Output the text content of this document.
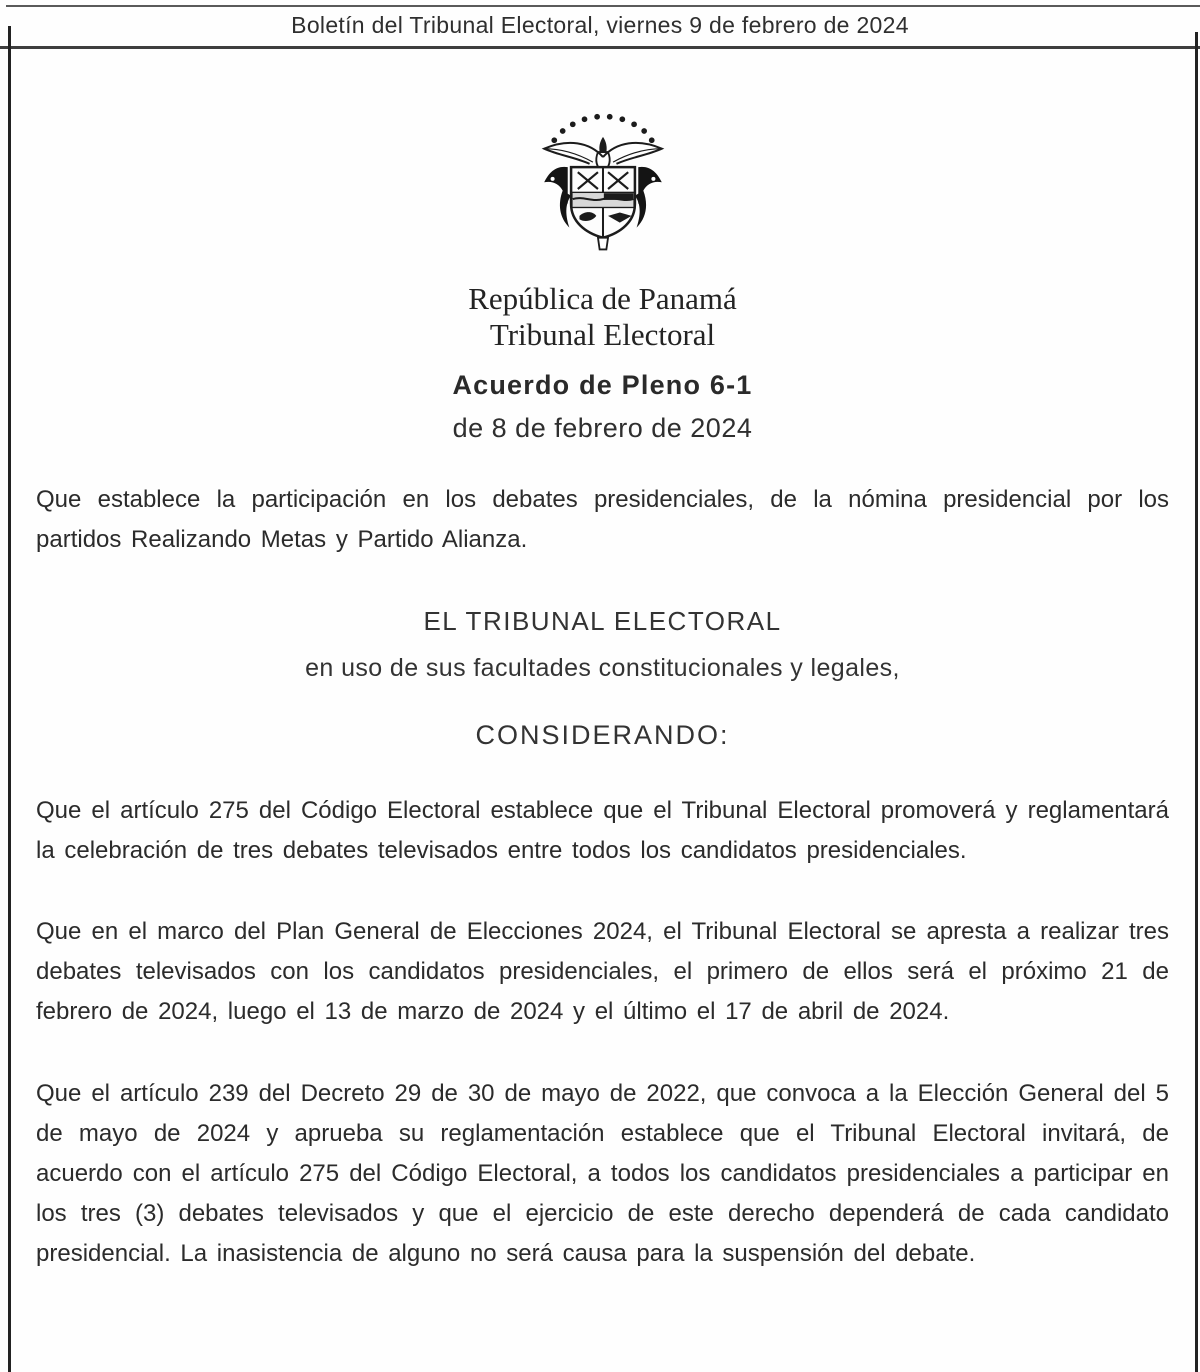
Boletín del Tribunal Electoral, viernes 9 de febrero de 2024
República de Panamá
Tribunal Electoral
Acuerdo de Pleno 6-1
de 8 de febrero de 2024

Que establece la participación en los debates presidenciales, de la nómina presidencial por los partidos Realizando Metas y Partido Alianza.

EL TRIBUNAL ELECTORAL
en uso de sus facultades constitucionales y legales,
CONSIDERANDO:

Que el artículo 275 del Código Electoral establece que el Tribunal Electoral promoverá y reglamentará la celebración de tres debates televisados entre todos los candidatos presidenciales.

Que en el marco del Plan General de Elecciones 2024, el Tribunal Electoral se apresta a realizar tres debates televisados con los candidatos presidenciales, el primero de ellos será el próximo 21 de febrero de 2024, luego el 13 de marzo de 2024 y el último el 17 de abril de 2024.

Que el artículo 239 del Decreto 29 de 30 de mayo de 2022, que convoca a la Elección General del 5 de mayo de 2024 y aprueba su reglamentación establece que el Tribunal Electoral invitará, de acuerdo con el artículo 275 del Código Electoral, a todos los candidatos presidenciales a participar en los tres (3) debates televisados y que el ejercicio de este derecho dependerá de cada candidato presidencial. La inasistencia de alguno no será causa para la suspensión del debate.
